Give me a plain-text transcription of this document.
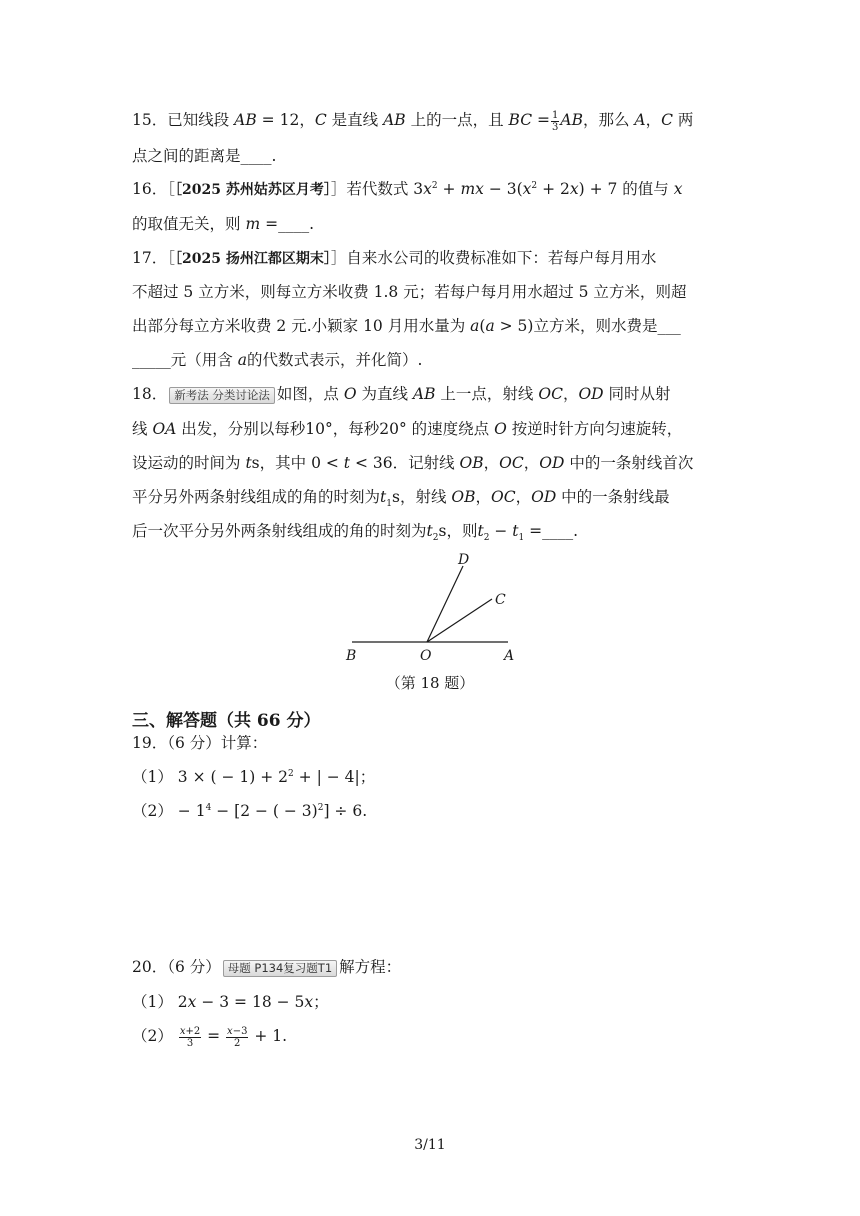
15．已知线段 AB = 12，C 是直线 AB 上的一点，且 BC = $\frac{1}{3}$ AB，那么 A，C 两
点之间的距离是____.
16．［［2025 苏州姑苏区月考］］若代数式 $3x^2$ + mx − $3(x^2 + 2x) + 7$ 的值与 x
的取值无关，则 m =____.
17．［［2025 扬州江都区期末］］自来水公司的收费标准如下：若每户每月用水
不超过 5 立方米，则每立方米收费 1.8 元；若每户每月用水超过 5 立方米，则超
出部分每立方米收费 2 元.小颖家 10 月用水量为 a(a > 5)立方米，则水费是___
_____元（用含 a的代数式表示，并化简）.
18． 新考法 分类讨论法 如图，点 O 为直线 AB 上一点，射线 OC，OD 同时从射
线 OA 出发，分别以每秒10°，每秒20° 的速度绕点 O 按逆时针方向匀速旋转，
设运动的时间为 ts，其中 0 < t < 36．记射线 OB，OC，OD 中的一条射线首次
平分另外两条射线组成的角的时刻为$t_1s$，射线 OB，OC，OD 中的一条射线最
后一次平分另外两条射线组成的角的时刻为$t_2s$，则$t_2 - t_1$ =____.
D
C
B	O	A
（第 18 题）
三、解答题（共 66 分）
19．（6 分）计算：
（1） 3 × ( − $1) + 2^2$ + | − 4|；
$(2) - 1^4 - [2$ − ( − 3)$^2$] ÷ 6.
20．（6 分） 母题 P134复习题T1 解方程：
（1） 2x − 3 = 18 − 5x；
$(2) \frac{x+2}{3} = \frac{x-3}{2} + 1$.
3/11
